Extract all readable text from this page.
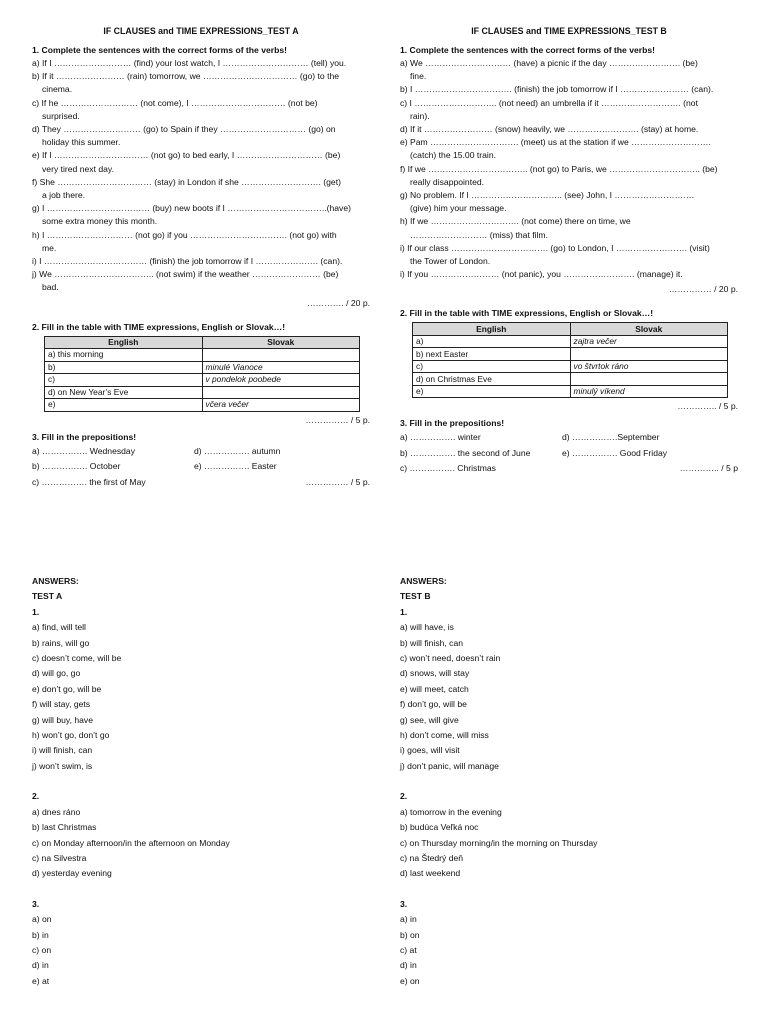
IF CLAUSES and TIME EXPRESSIONS_TEST A
1. Complete the sentences with the correct forms of the verbs!
a) If I ……………………… (find) your lost watch, I ………………………… (tell) you.
b) If it …………………… (rain) tomorrow, we …………………………… (go) to the
cinema.
c) If he ……………………… (not come), I …………………………… (not be)
surprised.
d) They ……………………… (go) to Spain if they ………………………… (go) on
holiday this summer.
e) If I …………………………… (not go) to bed early, I ………………………… (be)
very tired next day.
f) She …………………………… (stay) in London if she ………………………. (get)
a job there.
g) I ……………………………… (buy) new boots if I ……………………………..(have)
some extra money this month.
h) I ………………………… (not go) if you ……………………………. (not go) with
me.
i) I ……………………………… (finish) the job tomorrow if I …………………. (can).
j) We …………………………….. (not swim) if the weather …………………… (be)
bad.
…………. / 20 p.
2. Fill in the table with TIME expressions, English or Slovak…!
English	Slovak
a) this morning	
b)	minulé Vianoce
c)	v pondelok poobede
d) on New Year’s Eve	
e)	včera večer
…………… / 5 p.
3. Fill in the prepositions!
a) ……………. Wednesday
b) ……………. October
c) ……………. the first of May
d) ……………. autumn
e) ……………. Easter
…………… / 5 p.
IF CLAUSES and TIME EXPRESSIONS_TEST B
1. Complete the sentences with the correct forms of the verbs!
a) We ………………………… (have) a picnic if the day ……………………. (be)
fine.
b) I ……………………………. (finish) the job tomorrow if I …………………… (can).
c) I ……………………….. (not need) an umbrella if it ………………………. (not
rain).
d) If it …………………… (snow) heavily, we ……………………. (stay) at home.
e) Pam …………………………. (meet) us at the station if we ……………………….
(catch) the 15.00 train.
f) If we …………………………….. (not go) to Paris, we ………………………….. (be)
really disappointed.
g) No problem. If I ………………………….. (see) John, I ……………………….
(give) him your message.
h) If we …………………………. (not come) there on time, we
……………………… (miss) that film.
i) If our class ……………………………. (go) to London, I ……………………. (visit)
the Tower of London.
i) If you …………………… (not panic), you ……………………. (manage) it.
…………… / 20 p.
2. Fill in the table with TIME expressions, English or Slovak…!
English	Slovak
a)	zajtra večer
b) next Easter	
c)	vo štvrtok ráno
d) on Christmas Eve	
e)	minulý víkend
………….. / 5 p.
3. Fill in the prepositions!
a) ……………. winter
b) ……………. the second of June
c) ……………. Christmas
d) …………….September
e) ……………. Good Friday
………….. / 5 p
ANSWERS:
TEST A
1.
a) find, will tell
b) rains, will go
c) doesn’t come, will be
d) will go, go
e) don’t go, will be
f) will stay, gets
g) will buy, have
h) won’t go, don’t go
i) will finish, can
j) won’t swim, is
2.
a) dnes ráno
b) last Christmas
c) on Monday afternoon/in the afternoon on Monday
c) na Silvestra
d) yesterday evening
3.
a) on
b) in
c) on
d) in
e) at
ANSWERS:
TEST B
1.
a) will have, is
b) will finish, can
c) won’t need, doesn’t rain
d) snows, will stay
e) will meet, catch
f) don’t go, will be
g) see, will give
h) don’t come, will miss
i) goes, will visit
j) don’t panic, will manage
2.
a) tomorrow in the evening
b) budúca Veľká noc
c) on Thursday morning/in the morning on Thursday
c) na Štedrý deň
d) last weekend
3.
a) in
b) on
c) at
d) in
e) on
